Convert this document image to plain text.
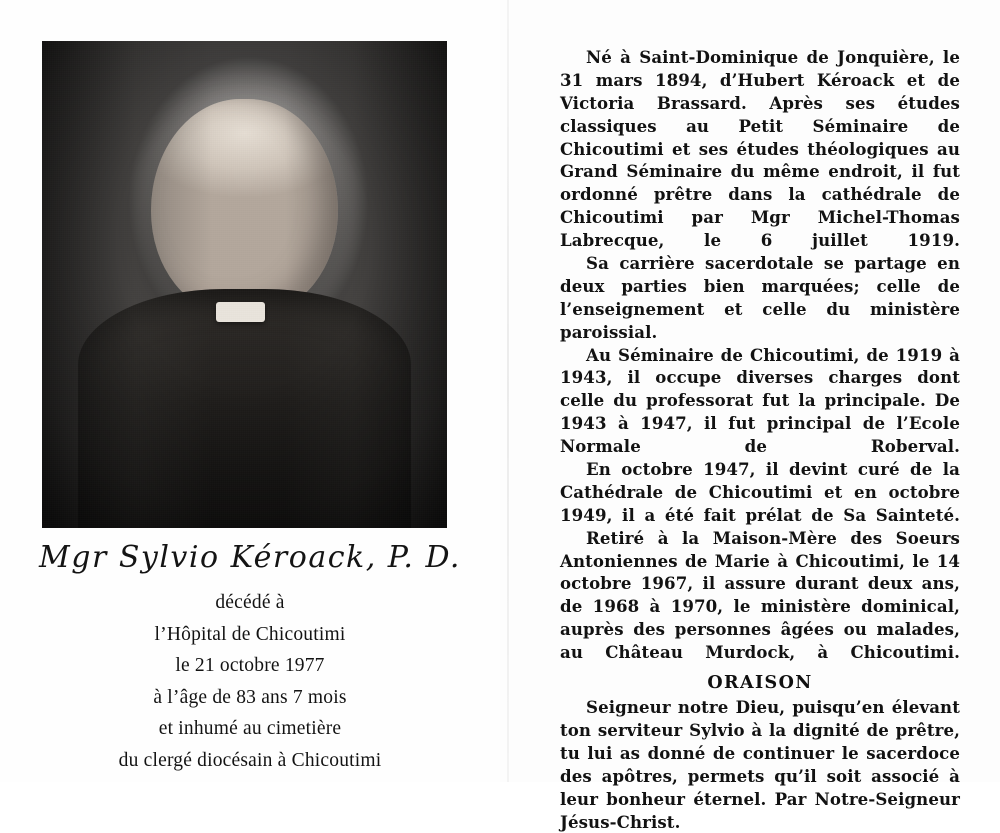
Mgr Sylvio Kéroack, P. D.
décédé à
l’Hôpital de Chicoutimi
le 21 octobre 1977
à l’âge de 83 ans 7 mois
et inhumé au cimetière
du clergé diocésain à Chicoutimi

Né à Saint-Dominique de Jonquière, le 31 mars 1894, d’Hubert Kéroack et de Victoria Brassard. Après ses études classiques au Petit Séminaire de Chicoutimi et ses études théologiques au Grand Séminaire du même endroit, il fut ordonné prêtre dans la cathédrale de Chicoutimi par Mgr Michel-Thomas Labrecque, le 6 juillet 1919.

Sa carrière sacerdotale se partage en deux parties bien marquées; celle de l’enseignement et celle du ministère paroissial.

Au Séminaire de Chicoutimi, de 1919 à 1943, il occupe diverses charges dont celle du professorat fut la principale. De 1943 à 1947, il fut principal de l’Ecole Normale de Roberval.

En octobre 1947, il devint curé de la Cathédrale de Chicoutimi et en octobre 1949, il a été fait prélat de Sa Sainteté.

Retiré à la Maison-Mère des Soeurs Antoniennes de Marie à Chicoutimi, le 14 octobre 1967, il assure durant deux ans, de 1968 à 1970, le ministère dominical, auprès des personnes âgées ou malades, au Château Murdock, à Chicoutimi.

ORAISON

Seigneur notre Dieu, puisqu’en élevant ton serviteur Sylvio à la dignité de prêtre, tu lui as donné de continuer le sacerdoce des apôtres, permets qu’il soit associé à leur bonheur éternel. Par Notre-Seigneur Jésus-Christ.
